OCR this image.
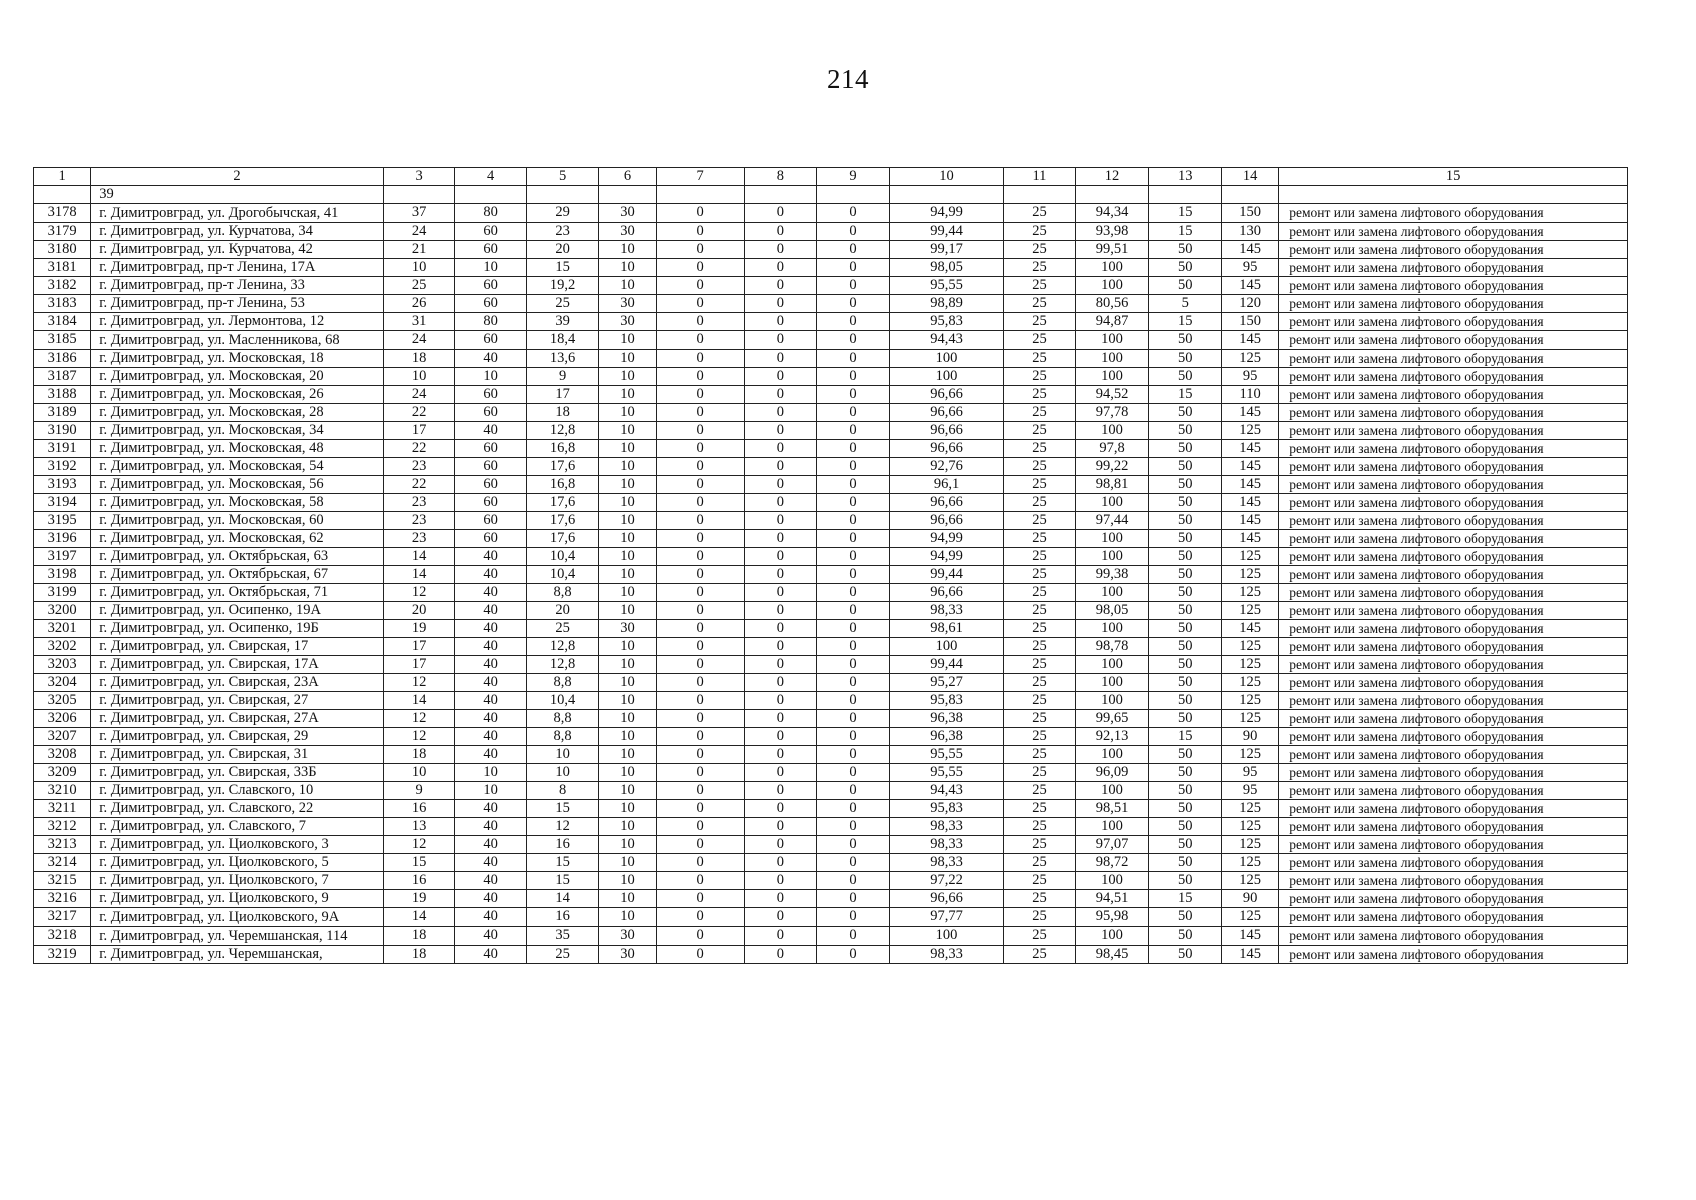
214
1	2	3	4	5	6	7	8	9	10	11	12	13	14	15
	39													
3178	г. Димитровград, ул. Дрогобычская, 41	37	80	29	30	0	0	0	94,99	25	94,34	15	150	ремонт или замена лифтового оборудования
3179	г. Димитровград, ул. Курчатова, 34	24	60	23	30	0	0	0	99,44	25	93,98	15	130	ремонт или замена лифтового оборудования
3180	г. Димитровград, ул. Курчатова, 42	21	60	20	10	0	0	0	99,17	25	99,51	50	145	ремонт или замена лифтового оборудования
3181	г. Димитровград, пр-т Ленина, 17А	10	10	15	10	0	0	0	98,05	25	100	50	95	ремонт или замена лифтового оборудования
3182	г. Димитровград, пр-т Ленина, 33	25	60	19,2	10	0	0	0	95,55	25	100	50	145	ремонт или замена лифтового оборудования
3183	г. Димитровград, пр-т Ленина, 53	26	60	25	30	0	0	0	98,89	25	80,56	5	120	ремонт или замена лифтового оборудования
3184	г. Димитровград, ул. Лермонтова, 12	31	80	39	30	0	0	0	95,83	25	94,87	15	150	ремонт или замена лифтового оборудования
3185	г. Димитровград, ул. Масленникова, 68	24	60	18,4	10	0	0	0	94,43	25	100	50	145	ремонт или замена лифтового оборудования
3186	г. Димитровград, ул. Московская, 18	18	40	13,6	10	0	0	0	100	25	100	50	125	ремонт или замена лифтового оборудования
3187	г. Димитровград, ул. Московская, 20	10	10	9	10	0	0	0	100	25	100	50	95	ремонт или замена лифтового оборудования
3188	г. Димитровград, ул. Московская, 26	24	60	17	10	0	0	0	96,66	25	94,52	15	110	ремонт или замена лифтового оборудования
3189	г. Димитровград, ул. Московская, 28	22	60	18	10	0	0	0	96,66	25	97,78	50	145	ремонт или замена лифтового оборудования
3190	г. Димитровград, ул. Московская, 34	17	40	12,8	10	0	0	0	96,66	25	100	50	125	ремонт или замена лифтового оборудования
3191	г. Димитровград, ул. Московская, 48	22	60	16,8	10	0	0	0	96,66	25	97,8	50	145	ремонт или замена лифтового оборудования
3192	г. Димитровград, ул. Московская, 54	23	60	17,6	10	0	0	0	92,76	25	99,22	50	145	ремонт или замена лифтового оборудования
3193	г. Димитровград, ул. Московская, 56	22	60	16,8	10	0	0	0	96,1	25	98,81	50	145	ремонт или замена лифтового оборудования
3194	г. Димитровград, ул. Московская, 58	23	60	17,6	10	0	0	0	96,66	25	100	50	145	ремонт или замена лифтового оборудования
3195	г. Димитровград, ул. Московская, 60	23	60	17,6	10	0	0	0	96,66	25	97,44	50	145	ремонт или замена лифтового оборудования
3196	г. Димитровград, ул. Московская, 62	23	60	17,6	10	0	0	0	94,99	25	100	50	145	ремонт или замена лифтового оборудования
3197	г. Димитровград, ул. Октябрьская, 63	14	40	10,4	10	0	0	0	94,99	25	100	50	125	ремонт или замена лифтового оборудования
3198	г. Димитровград, ул. Октябрьская, 67	14	40	10,4	10	0	0	0	99,44	25	99,38	50	125	ремонт или замена лифтового оборудования
3199	г. Димитровград, ул. Октябрьская, 71	12	40	8,8	10	0	0	0	96,66	25	100	50	125	ремонт или замена лифтового оборудования
3200	г. Димитровград, ул. Осипенко, 19А	20	40	20	10	0	0	0	98,33	25	98,05	50	125	ремонт или замена лифтового оборудования
3201	г. Димитровград, ул. Осипенко, 19Б	19	40	25	30	0	0	0	98,61	25	100	50	145	ремонт или замена лифтового оборудования
3202	г. Димитровград, ул. Свирская, 17	17	40	12,8	10	0	0	0	100	25	98,78	50	125	ремонт или замена лифтового оборудования
3203	г. Димитровград, ул. Свирская, 17А	17	40	12,8	10	0	0	0	99,44	25	100	50	125	ремонт или замена лифтового оборудования
3204	г. Димитровград, ул. Свирская, 23А	12	40	8,8	10	0	0	0	95,27	25	100	50	125	ремонт или замена лифтового оборудования
3205	г. Димитровград, ул. Свирская, 27	14	40	10,4	10	0	0	0	95,83	25	100	50	125	ремонт или замена лифтового оборудования
3206	г. Димитровград, ул. Свирская, 27А	12	40	8,8	10	0	0	0	96,38	25	99,65	50	125	ремонт или замена лифтового оборудования
3207	г. Димитровград, ул. Свирская, 29	12	40	8,8	10	0	0	0	96,38	25	92,13	15	90	ремонт или замена лифтового оборудования
3208	г. Димитровград, ул. Свирская, 31	18	40	10	10	0	0	0	95,55	25	100	50	125	ремонт или замена лифтового оборудования
3209	г. Димитровград, ул. Свирская, 33Б	10	10	10	10	0	0	0	95,55	25	96,09	50	95	ремонт или замена лифтового оборудования
3210	г. Димитровград, ул. Славского, 10	9	10	8	10	0	0	0	94,43	25	100	50	95	ремонт или замена лифтового оборудования
3211	г. Димитровград, ул. Славского, 22	16	40	15	10	0	0	0	95,83	25	98,51	50	125	ремонт или замена лифтового оборудования
3212	г. Димитровград, ул. Славского, 7	13	40	12	10	0	0	0	98,33	25	100	50	125	ремонт или замена лифтового оборудования
3213	г. Димитровград, ул. Циолковского, 3	12	40	16	10	0	0	0	98,33	25	97,07	50	125	ремонт или замена лифтового оборудования
3214	г. Димитровград, ул. Циолковского, 5	15	40	15	10	0	0	0	98,33	25	98,72	50	125	ремонт или замена лифтового оборудования
3215	г. Димитровград, ул. Циолковского, 7	16	40	15	10	0	0	0	97,22	25	100	50	125	ремонт или замена лифтового оборудования
3216	г. Димитровград, ул. Циолковского, 9	19	40	14	10	0	0	0	96,66	25	94,51	15	90	ремонт или замена лифтового оборудования
3217	г. Димитровград, ул. Циолковского, 9А	14	40	16	10	0	0	0	97,77	25	95,98	50	125	ремонт или замена лифтового оборудования
3218	г. Димитровград, ул. Черемшанская, 114	18	40	35	30	0	0	0	100	25	100	50	145	ремонт или замена лифтового оборудования
3219	г. Димитровград, ул. Черемшанская,	18	40	25	30	0	0	0	98,33	25	98,45	50	145	ремонт или замена лифтового оборудования
